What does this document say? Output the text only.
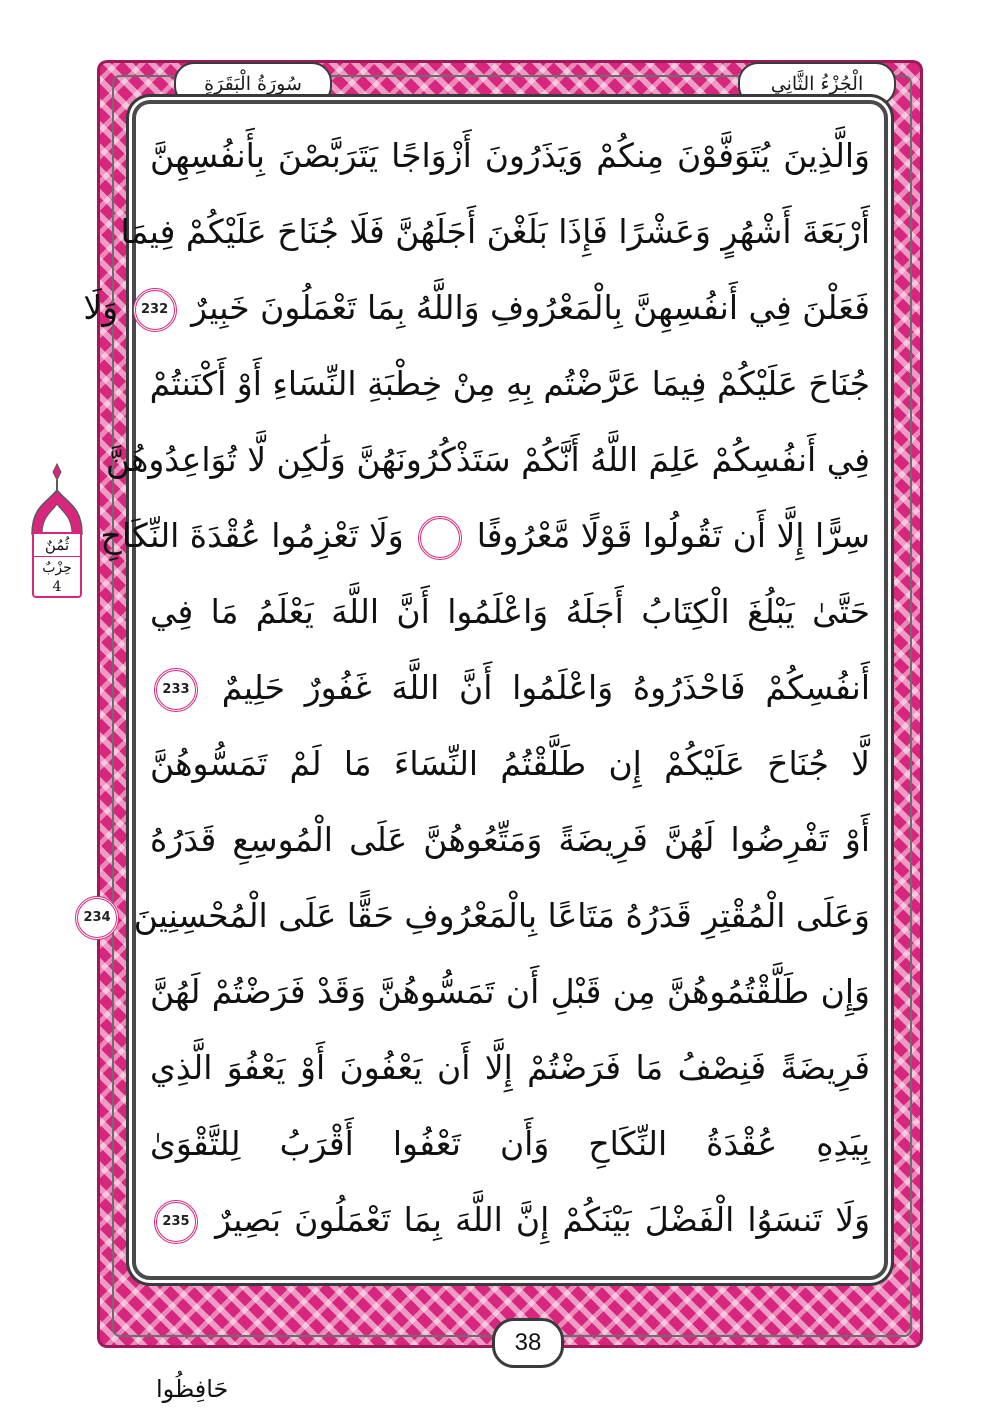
الْجُزْءُ الثَّانِي
سُورَةُ الْبَقَرَةِ
وَالَّذِينَ يُتَوَفَّوْنَ مِنكُمْ وَيَذَرُونَ أَزْوَاجًا يَتَرَبَّصْنَ بِأَنفُسِهِنَّ
أَرْبَعَةَ أَشْهُرٍ وَعَشْرًا فَإِذَا بَلَغْنَ أَجَلَهُنَّ فَلَا جُنَاحَ عَلَيْكُمْ فِيمَا
فَعَلْنَ فِي أَنفُسِهِنَّ بِالْمَعْرُوفِ وَاللَّهُ بِمَا تَعْمَلُونَ خَبِيرٌ 232 وَلَا
جُنَاحَ عَلَيْكُمْ فِيمَا عَرَّضْتُم بِهِ مِنْ خِطْبَةِ النِّسَاءِ أَوْ أَكْنَنتُمْ
فِي أَنفُسِكُمْ عَلِمَ اللَّهُ أَنَّكُمْ سَتَذْكُرُونَهُنَّ وَلَٰكِن لَّا تُوَاعِدُوهُنَّ
سِرًّا إِلَّا أَن تَقُولُوا قَوْلًا مَّعْرُوفًا  وَلَا تَعْزِمُوا عُقْدَةَ النِّكَاحِ
حَتَّىٰ يَبْلُغَ الْكِتَابُ أَجَلَهُ وَاعْلَمُوا أَنَّ اللَّهَ يَعْلَمُ مَا فِي
أَنفُسِكُمْ فَاحْذَرُوهُ وَاعْلَمُوا أَنَّ اللَّهَ غَفُورٌ حَلِيمٌ 233
لَّا جُنَاحَ عَلَيْكُمْ إِن طَلَّقْتُمُ النِّسَاءَ مَا لَمْ تَمَسُّوهُنَّ
أَوْ تَفْرِضُوا لَهُنَّ فَرِيضَةً وَمَتِّعُوهُنَّ عَلَى الْمُوسِعِ قَدَرُهُ
وَعَلَى الْمُقْتِرِ قَدَرُهُ مَتَاعًا بِالْمَعْرُوفِ حَقًّا عَلَى الْمُحْسِنِينَ 234
وَإِن طَلَّقْتُمُوهُنَّ مِن قَبْلِ أَن تَمَسُّوهُنَّ وَقَدْ فَرَضْتُمْ لَهُنَّ
فَرِيضَةً فَنِصْفُ مَا فَرَضْتُمْ إِلَّا أَن يَعْفُونَ أَوْ يَعْفُوَ الَّذِي
بِيَدِهِ عُقْدَةُ النِّكَاحِ وَأَن تَعْفُوا أَقْرَبُ لِلتَّقْوَىٰ
وَلَا تَنسَوُا الْفَضْلَ بَيْنَكُمْ إِنَّ اللَّهَ بِمَا تَعْمَلُونَ بَصِيرٌ 235
ثُمُنٌ
حِزْبٌ
4
38
حَافِظُوا
